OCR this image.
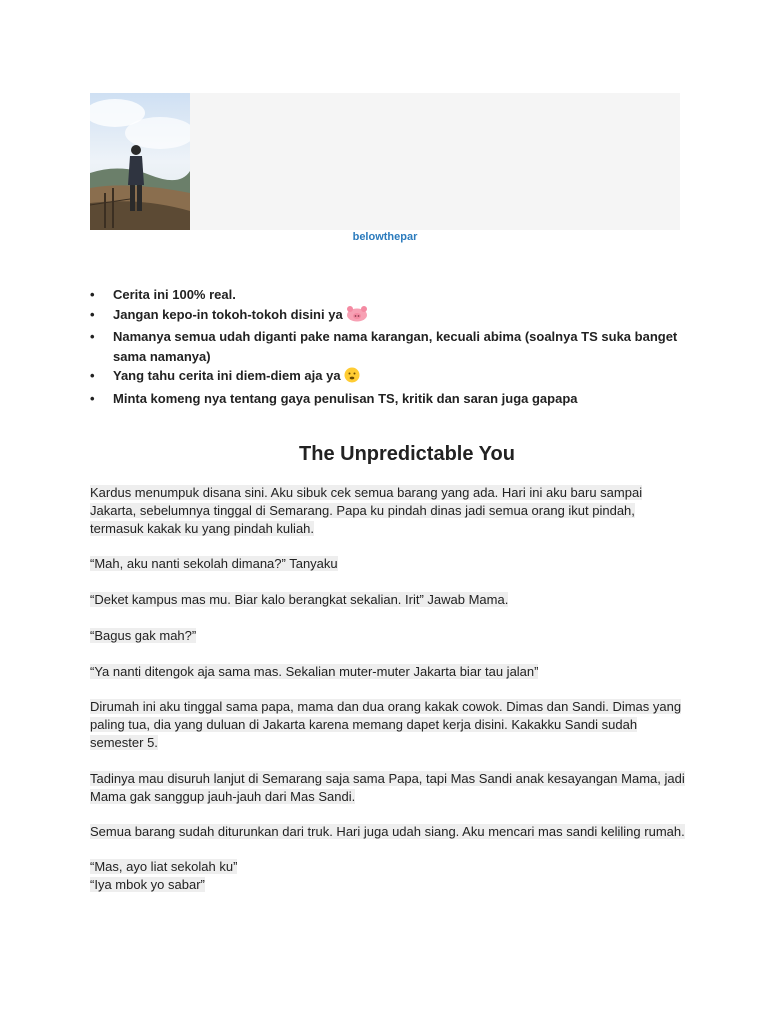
belowthepar
• Cerita ini 100% real.
• Jangan kepo-in tokoh-tokoh disini ya
• Namanya semua udah diganti pake nama karangan, kecuali abima (soalnya TS suka banget sama namanya)
• Yang tahu cerita ini diem-diem aja ya
• Minta komeng nya tentang gaya penulisan TS, kritik dan saran juga gapapa
The Unpredictable You

Kardus menumpuk disana sini. Aku sibuk cek semua barang yang ada. Hari ini aku baru sampai Jakarta, sebelumnya tinggal di Semarang. Papa ku pindah dinas jadi semua orang ikut pindah, termasuk kakak ku yang pindah kuliah.

“Mah, aku nanti sekolah dimana?” Tanyaku

“Deket kampus mas mu. Biar kalo berangkat sekalian. Irit” Jawab Mama.

“Bagus gak mah?”

“Ya nanti ditengok aja sama mas. Sekalian muter-muter Jakarta biar tau jalan”

Dirumah ini aku tinggal sama papa, mama dan dua orang kakak cowok. Dimas dan Sandi. Dimas yang paling tua, dia yang duluan di Jakarta karena memang dapet kerja disini. Kakakku Sandi sudah semester 5.

Tadinya mau disuruh lanjut di Semarang saja sama Papa, tapi Mas Sandi anak kesayangan Mama, jadi Mama gak sanggup jauh-jauh dari Mas Sandi.

Semua barang sudah diturunkan dari truk. Hari juga udah siang. Aku mencari mas sandi keliling rumah.

“Mas, ayo liat sekolah ku”

“Iya mbok yo sabar”
